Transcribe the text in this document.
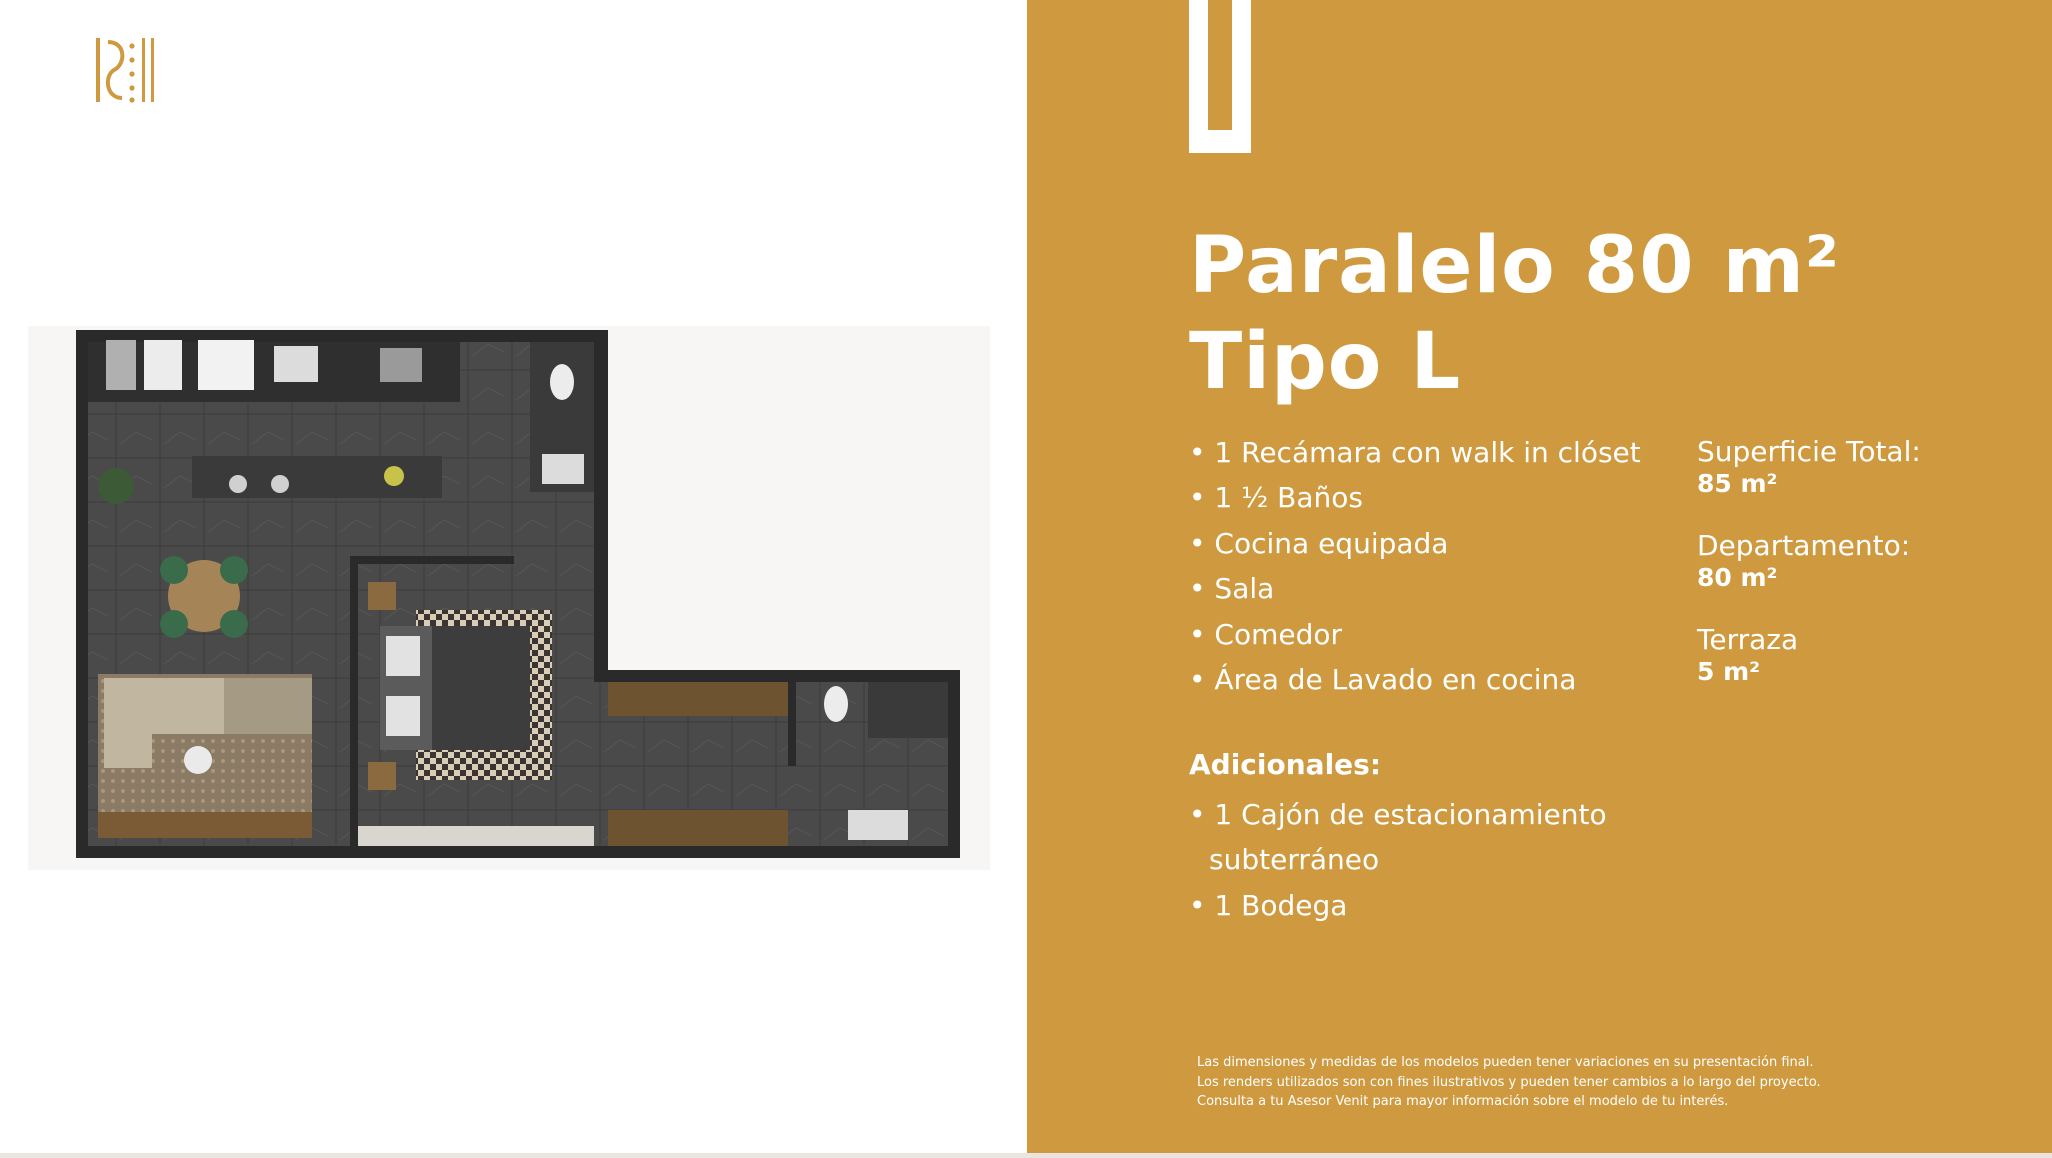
Paralelo 80 m²
Tipo L
• 1 Recámara con walk in clóset
• 1 ½ Baños
• Cocina equipada
• Sala
• Comedor
• Área de Lavado en cocina
Adicionales:
• 1 Cajón de estacionamiento
subterráneo
• 1 Bodega
Superficie Total:
85 m²
Departamento:
80 m²
Terraza
5 m²
Las dimensiones y medidas de los modelos pueden tener variaciones en su presentación final.
Los renders utilizados son con fines ilustrativos y pueden tener cambios a lo largo del proyecto.
Consulta a tu Asesor Venit para mayor información sobre el modelo de tu interés.
